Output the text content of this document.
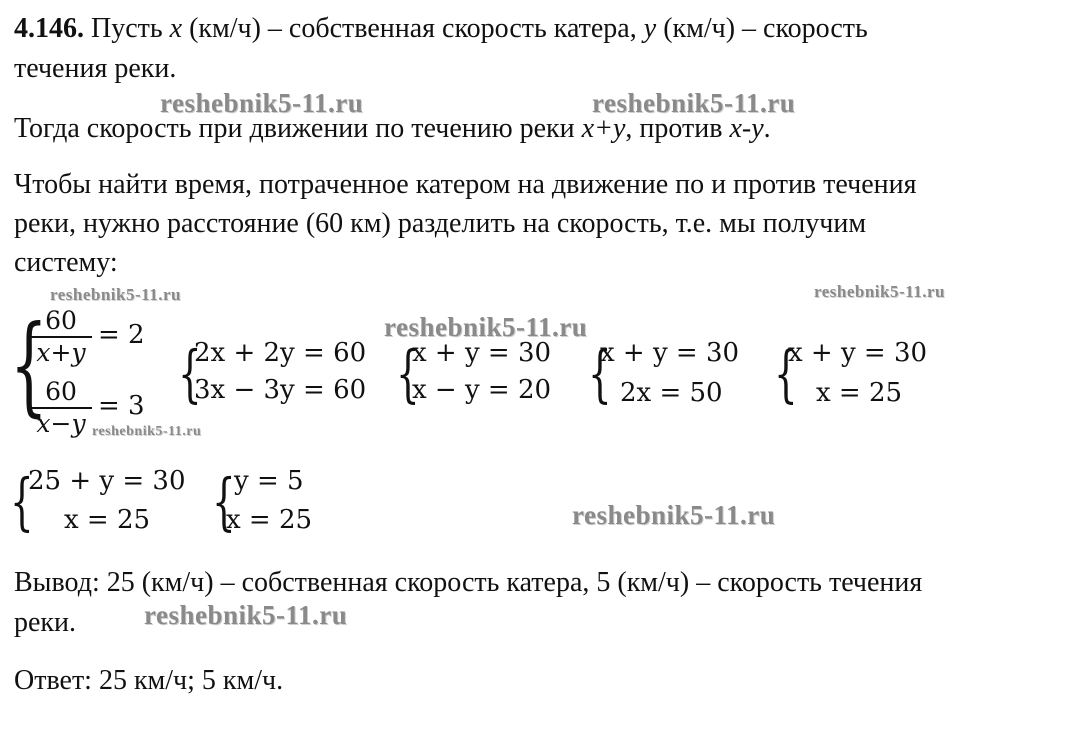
4.146. Пусть x (км/ч) – собственная скорость катера, y (км/ч) – скорость
течения реки.
Тогда скорость при движении по течению реки x+y, против x-y.
Чтобы найти время, потраченное катером на движение по и против течения
реки, нужно расстояние (60 км) разделить на скорость, т.е. мы получим
систему:
{
$\frac{60}{x+y} = 2$
$\frac{60}{x-y} = 3$ {
2x + 2y = 60
3x − 3y = 60 {
x + y = 30
x − y = 20 {
x + y = 30
2x = 50 {
x + y = 30
x = 25
{
25 + y = 30
x = 25 {
y = 5
x = 25
Вывод: 25 (км/ч) – собственная скорость катера, 5 (км/ч) – скорость течения
реки.
Ответ: 25 км/ч; 5 км/ч.
reshebnik5-11.ru	reshebnik5-11.ru
reshebnik5-11.ru	reshebnik5-11.ru
reshebnik5-11.ru
reshebnik5-11.ru
reshebnik5-11.ru
reshebnik5-11.ru
